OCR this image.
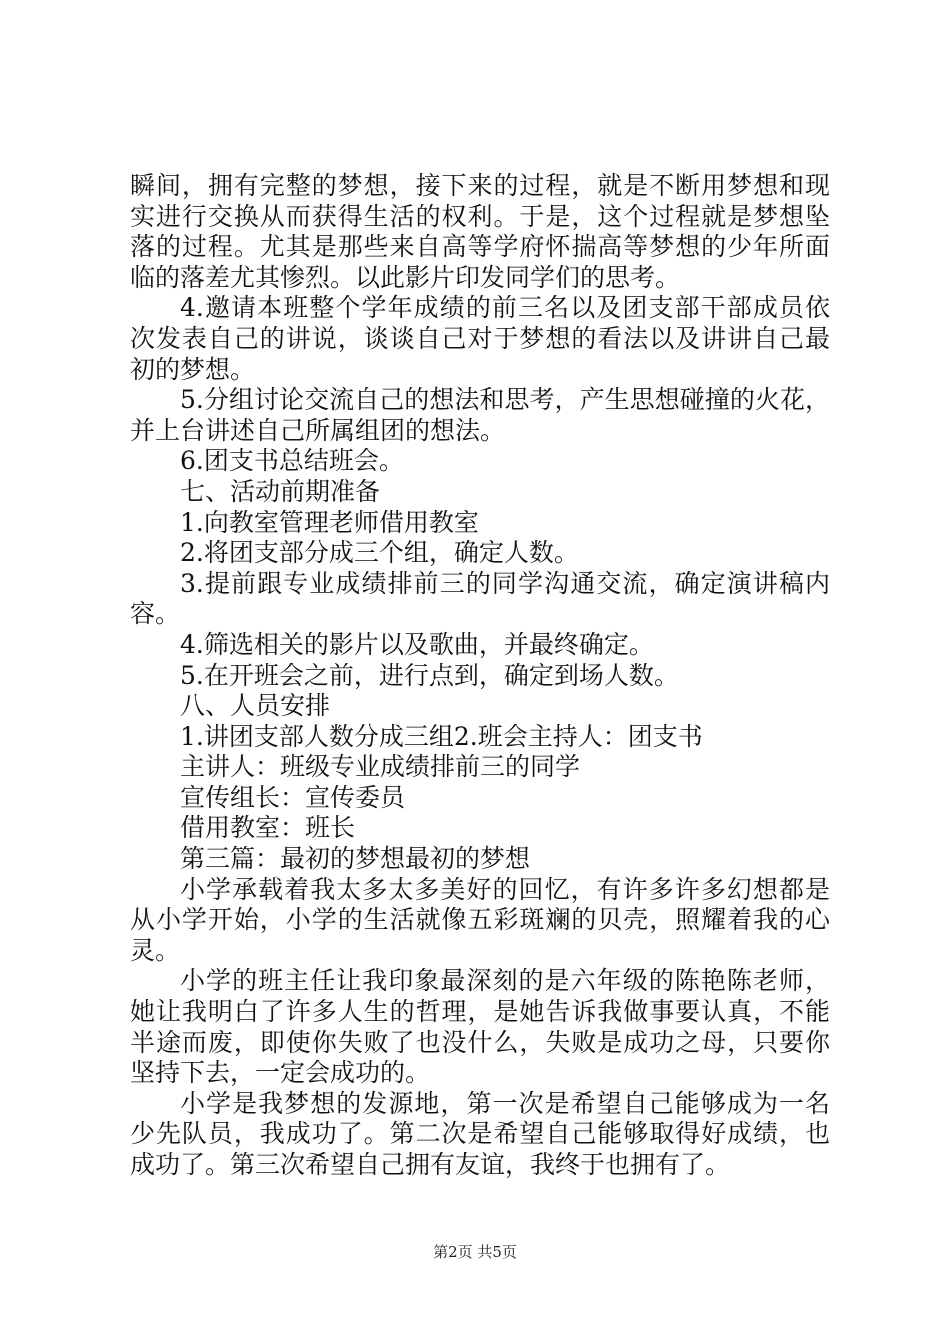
瞬间，拥有完整的梦想，接下来的过程，就是不断用梦想和现
实进行交换从而获得生活的权利。于是，这个过程就是梦想坠
落的过程。尤其是那些来自高等学府怀揣高等梦想的少年所面
临的落差尤其惨烈。以此影片印发同学们的思考。
4.邀请本班整个学年成绩的前三名以及团支部干部成员依
次发表自己的讲说，谈谈自己对于梦想的看法以及讲讲自己最
初的梦想。
5.分组讨论交流自己的想法和思考，产生思想碰撞的火花，
并上台讲述自己所属组团的想法。
6.团支书总结班会。
七、活动前期准备
1.向教室管理老师借用教室
2.将团支部分成三个组，确定人数。
3.提前跟专业成绩排前三的同学沟通交流，确定演讲稿内
容。
4.筛选相关的影片以及歌曲，并最终确定。
5.在开班会之前，进行点到，确定到场人数。
八、人员安排
1.讲团支部人数分成三组2.班会主持人：团支书
主讲人：班级专业成绩排前三的同学
宣传组长：宣传委员
借用教室：班长
第三篇：最初的梦想最初的梦想
小学承载着我太多太多美好的回忆，有许多许多幻想都是
从小学开始，小学的生活就像五彩斑斓的贝壳，照耀着我的心
灵。
小学的班主任让我印象最深刻的是六年级的陈艳陈老师，
她让我明白了许多人生的哲理，是她告诉我做事要认真，不能
半途而废，即使你失败了也没什么，失败是成功之母，只要你
坚持下去，一定会成功的。
小学是我梦想的发源地，第一次是希望自己能够成为一名
少先队员，我成功了。第二次是希望自己能够取得好成绩，也
成功了。第三次希望自己拥有友谊，我终于也拥有了。
第2页 共5页
